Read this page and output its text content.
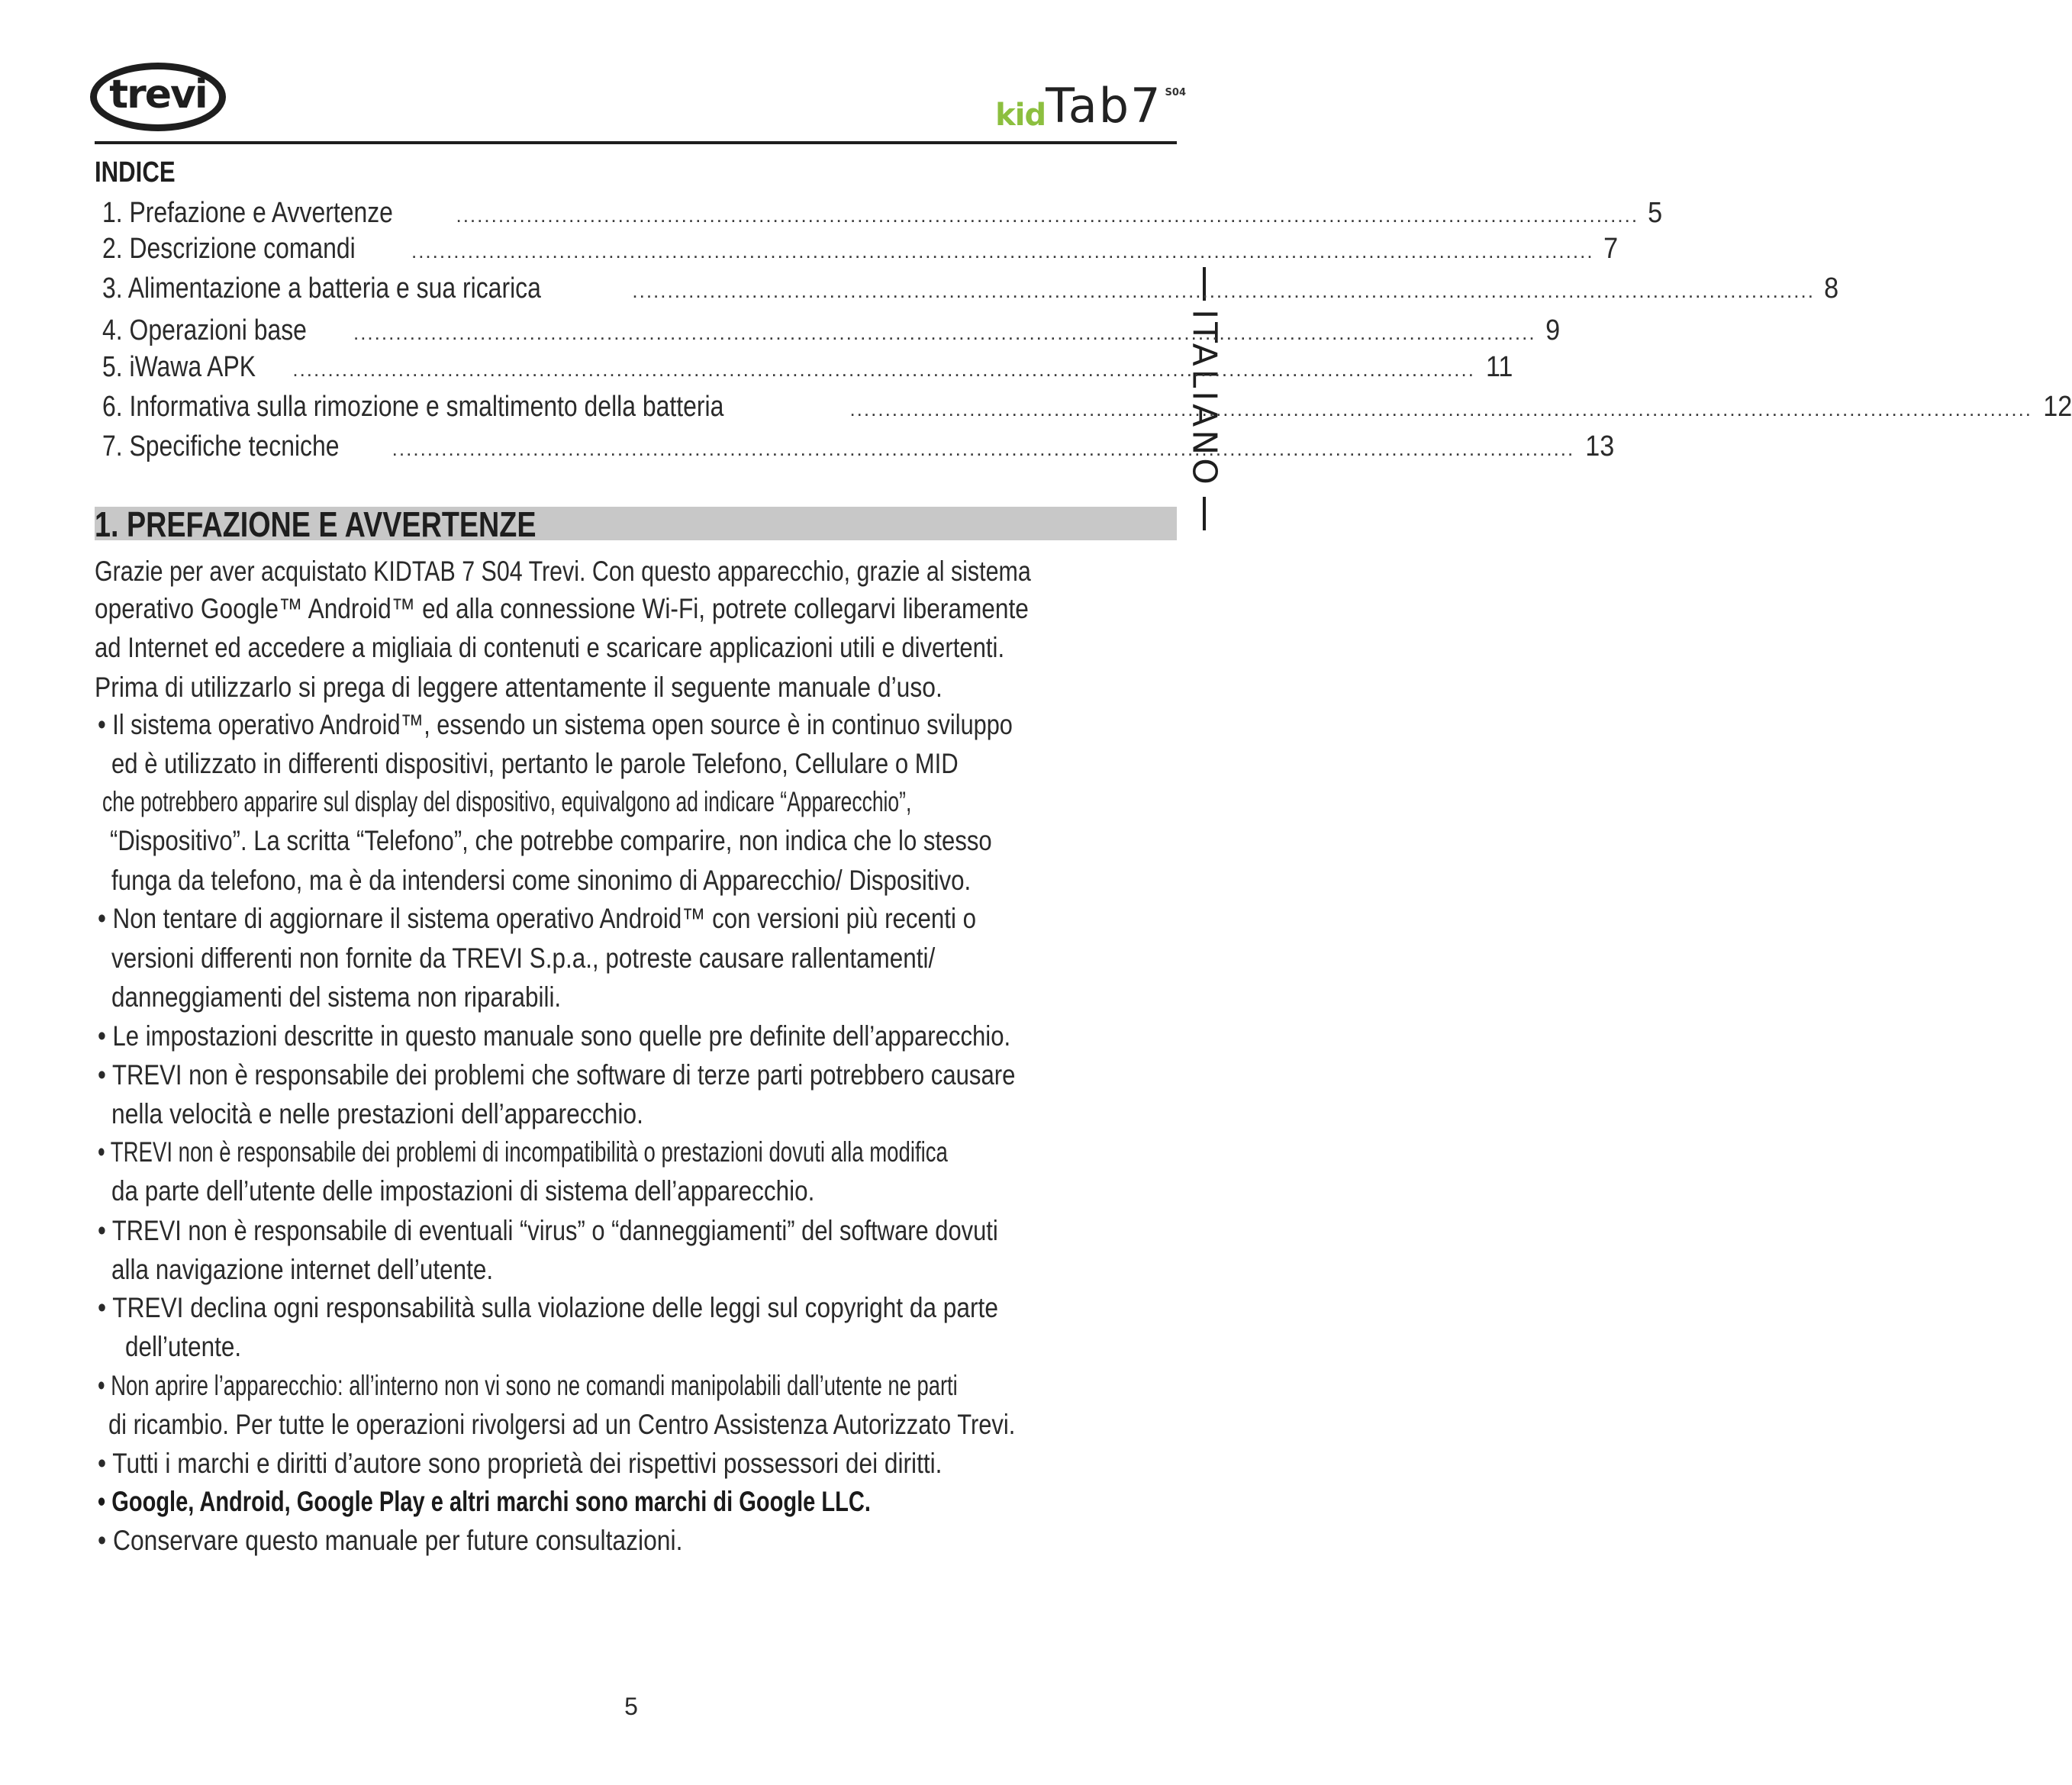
trevi	kid Tab7 S04
ITALIANO
INDICE
1. Prefazione e Avvertenze	........................................................................................................................................................................ 5
2. Descrizione comandi	........................................................................................................................................................................ 7
3. Alimentazione a batteria e sua ricarica	........................................................................................................................................................................ 8
4. Operazioni base ........................................................................................................................................................................ 9
5. iWawa APK ........................................................................................................................................................................ 11
6. Informativa sulla rimozione e smaltimento della batteria	........................................................................................................................................................................ 12
7. Specifiche tecniche	........................................................................................................................................................................ 13
1. PREFAZIONE E AVVERTENZE
Grazie per aver acquistato KIDTAB 7 S04 Trevi. Con questo apparecchio, grazie al sistema
operativo Google™ Android™ ed alla connessione Wi-Fi, potrete collegarvi liberamente
ad Internet ed accedere a migliaia di contenuti e scaricare applicazioni utili e divertenti.
Prima di utilizzarlo si prega di leggere attentamente il seguente manuale d’uso.
• Il sistema operativo Android™, essendo un sistema open source è in continuo sviluppo
ed è utilizzato in differenti dispositivi, pertanto le parole Telefono, Cellulare o MID
che potrebbero apparire sul display del dispositivo, equivalgono ad indicare “Apparecchio”,
“Dispositivo”. La scritta “Telefono”, che potrebbe comparire, non indica che lo stesso
funga da telefono, ma è da intendersi come sinonimo di Apparecchio/ Dispositivo.
• Non tentare di aggiornare il sistema operativo Android™ con versioni più recenti o
versioni differenti non fornite da TREVI S.p.a., potreste causare rallentamenti/
danneggiamenti del sistema non riparabili.
• Le impostazioni descritte in questo manuale sono quelle pre definite dell’apparecchio.
• TREVI non è responsabile dei problemi che software di terze parti potrebbero causare
nella velocità e nelle prestazioni dell’apparecchio.
• TREVI non è responsabile dei problemi di incompatibilità o prestazioni dovuti alla modifica
da parte dell’utente delle impostazioni di sistema dell’apparecchio.
• TREVI non è responsabile di eventuali “virus” o “danneggiamenti” del software dovuti
alla navigazione internet dell’utente.
• TREVI declina ogni responsabilità sulla violazione delle leggi sul copyright da parte
dell’utente.
• Non aprire l’apparecchio: all’interno non vi sono ne comandi manipolabili dall’utente ne parti
di ricambio. Per tutte le operazioni rivolgersi ad un Centro Assistenza Autorizzato Trevi.
• Tutti i marchi e diritti d’autore sono proprietà dei rispettivi possessori dei diritti.
• Google, Android, Google Play e altri marchi sono marchi di Google LLC.
• Conservare questo manuale per future consultazioni.
5
